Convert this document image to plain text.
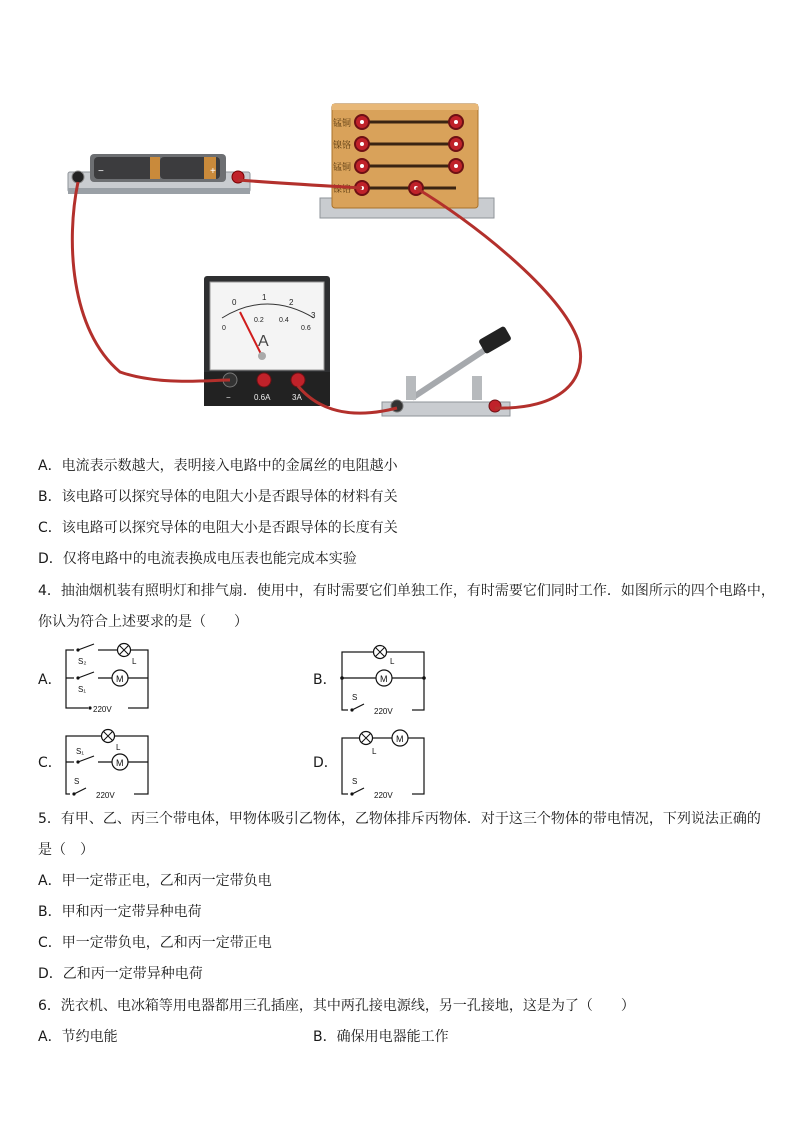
−	+
锰铜
镍铬
锰铜
镍铬
0
1
2
3
0
0.2 0.4
0.6
A
−	0.6A	3A
A．电流表示数越大，表明接入电路中的金属丝的电阻越小
B．该电路可以探究导体的电阻大小是否跟导体的材料有关
C．该电路可以探究导体的电阻大小是否跟导体的长度有关
D．仅将电路中的电流表换成电压表也能完成本实验
4．抽油烟机装有照明灯和排气扇．使用中，有时需要它们单独工作，有时需要它们同时工作．如图所示的四个电路中，
你认为符合上述要求的是（　　）
A．	B．
C．	D．
M
S₂	L
S₁
220V
L
M
S
220V
L
S₁
M
S
220V
L
M
S
220V
5．有甲、乙、丙三个带电体，甲物体吸引乙物体，乙物体排斥丙物体．对于这三个物体的带电情况，下列说法正确的
是（　）
A．甲一定带正电，乙和丙一定带负电
B．甲和丙一定带异种电荷
C．甲一定带负电，乙和丙一定带正电
D．乙和丙一定带异种电荷
6．洗衣机、电冰箱等用电器都用三孔插座，其中两孔接电源线，另一孔接地，这是为了（　　）
A．节约电能	B．确保用电器能工作
